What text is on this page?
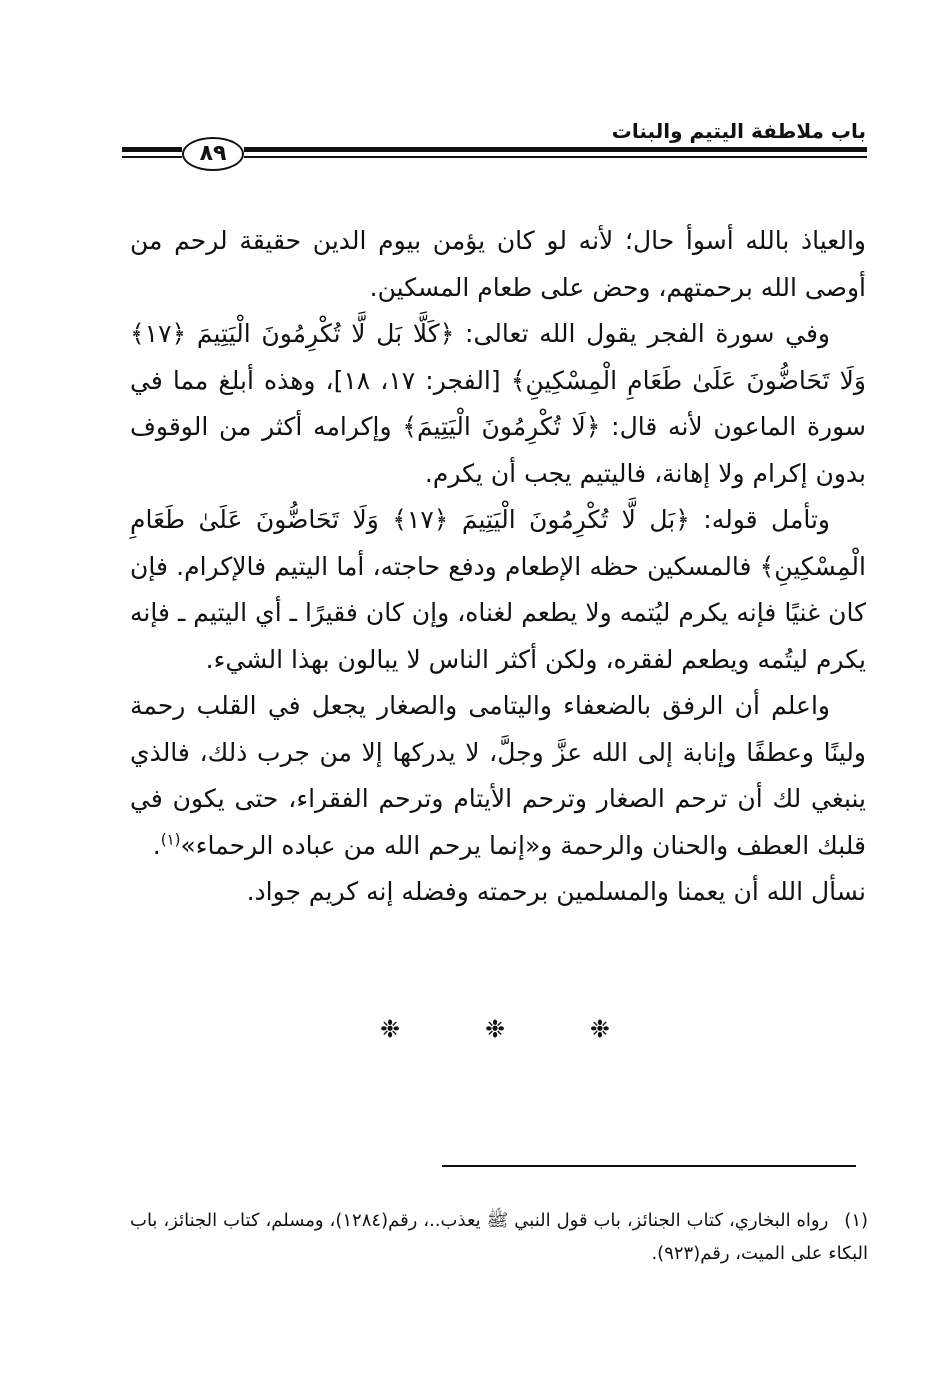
باب ملاطفة اليتيم والبنات
٨٩

والعياذ بالله أسوأ حال؛ لأنه لو كان يؤمن بيوم الدين حقيقة لرحم من أوصى الله برحمتهم، وحض على طعام المسكين.

وفي سورة الفجر يقول الله تعالى: ﴿كَلَّا بَل لَّا تُكْرِمُونَ الْيَتِيمَ ﴿١٧﴾ وَلَا تَحَاضُّونَ عَلَىٰ طَعَامِ الْمِسْكِينِ﴾ [الفجر: ١٧، ١٨]، وهذه أبلغ مما في سورة الماعون لأنه قال: ﴿لَا تُكْرِمُونَ الْيَتِيمَ﴾ وإكرامه أكثر من الوقوف بدون إكرام ولا إهانة، فاليتيم يجب أن يكرم.

وتأمل قوله: ﴿بَل لَّا تُكْرِمُونَ الْيَتِيمَ ﴿١٧﴾ وَلَا تَحَاضُّونَ عَلَىٰ طَعَامِ الْمِسْكِينِ﴾ فالمسكين حظه الإطعام ودفع حاجته، أما اليتيم فالإكرام. فإن كان غنيًا فإنه يكرم ليُتمه ولا يطعم لغناه، وإن كان فقيرًا ـ أي اليتيم ـ فإنه يكرم ليتُمه ويطعم لفقره، ولكن أكثر الناس لا يبالون بهذا الشيء.

واعلم أن الرفق بالضعفاء واليتامى والصغار يجعل في القلب رحمة ولينًا وعطفًا وإنابة إلى الله عزَّ وجلَّ، لا يدركها إلا من جرب ذلك، فالذي ينبغي لك أن ترحم الصغار وترحم الأيتام وترحم الفقراء، حتى يكون في قلبك العطف والحنان والرحمة و«إنما يرحم الله من عباده الرحماء»$^{(١)}$.

نسأل الله أن يعمنا والمسلمين برحمته وفضله إنه كريم جواد.

❉
❉
❉
(١) رواه البخاري، كتاب الجنائز، باب قول النبي ﷺ يعذب..، رقم(١٢٨٤)، ومسلم، كتاب الجنائز، باب البكاء على الميت، رقم(٩٢٣).
